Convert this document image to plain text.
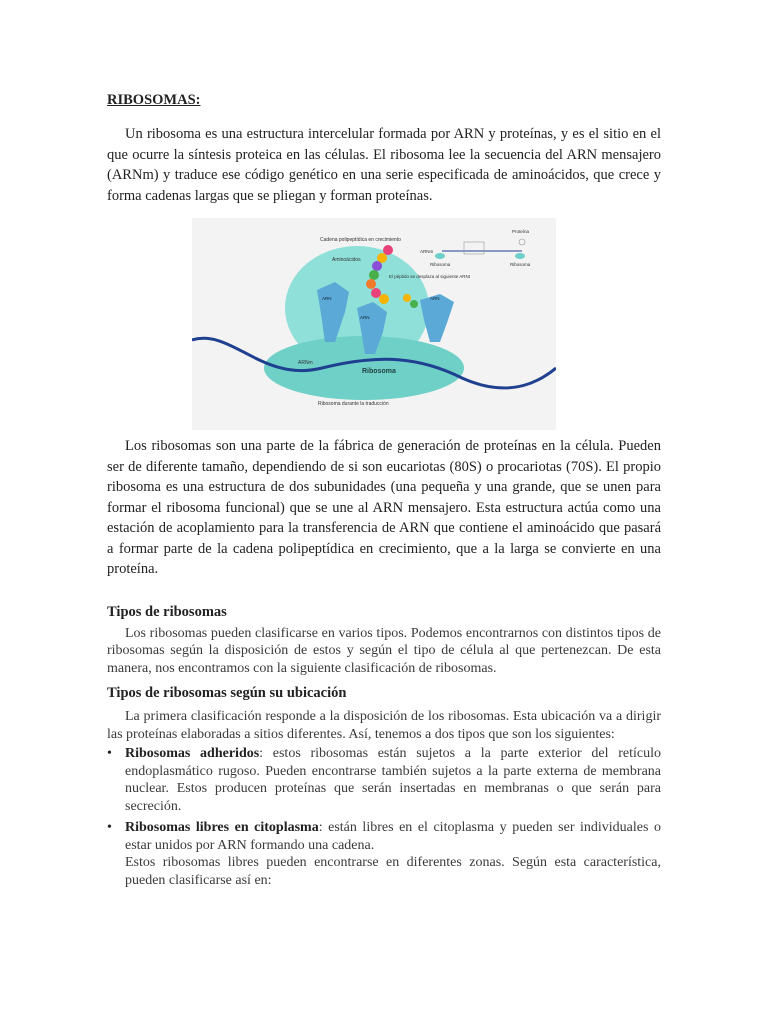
RIBOSOMAS:

Un ribosoma es una estructura intercelular formada por ARN y proteínas, y es el sitio en el que ocurre la síntesis proteica en las células. El ribosoma lee la secuencia del ARN mensajero (ARNm) y traduce ese código genético en una serie especificada de aminoácidos, que crece y forma cadenas largas que se pliegan y forman proteínas.

Cadena polipeptídica en crecimiento
Aminoácidos
El péptido se desplaza al siguiente ARNt
ARN
ARN
ARN
ARNm
Ribosoma
Ribosoma durante la traducción
Proteína
ARNm
Ribosoma	Ribosoma

Los ribosomas son una parte de la fábrica de generación de proteínas en la célula. Pueden ser de diferente tamaño, dependiendo de si son eucariotas (80S) o procariotas (70S). El propio ribosoma es una estructura de dos subunidades (una pequeña y una grande, que se unen para formar el ribosoma funcional) que se une al ARN mensajero. Esta estructura actúa como una estación de acoplamiento para la transferencia de ARN que contiene el aminoácido que pasará a formar parte de la cadena polipeptídica en crecimiento, que a la larga se convierte en una proteína.

Tipos de ribosomas

Los ribosomas pueden clasificarse en varios tipos. Podemos encontrarnos con distintos tipos de ribosomas según la disposición de estos y según el tipo de célula al que pertenezcan. De esta manera, nos encontramos con la siguiente clasificación de ribosomas.

Tipos de ribosomas según su ubicación

La primera clasificación responde a la disposición de los ribosomas. Esta ubicación va a dirigir las proteínas elaboradas a sitios diferentes. Así, tenemos a dos tipos que son los siguientes:

• Ribosomas adheridos: estos ribosomas están sujetos a la parte exterior del retículo endoplasmático rugoso. Pueden encontrarse también sujetos a la parte externa de membrana nuclear. Estos producen proteínas que serán insertadas en membranas o que serán para secreción.
• Ribosomas libres en citoplasma: están libres en el citoplasma y pueden ser individuales o estar unidos por ARN formando una cadena.
Estos ribosomas libres pueden encontrarse en diferentes zonas. Según esta característica, pueden clasificarse así en:
